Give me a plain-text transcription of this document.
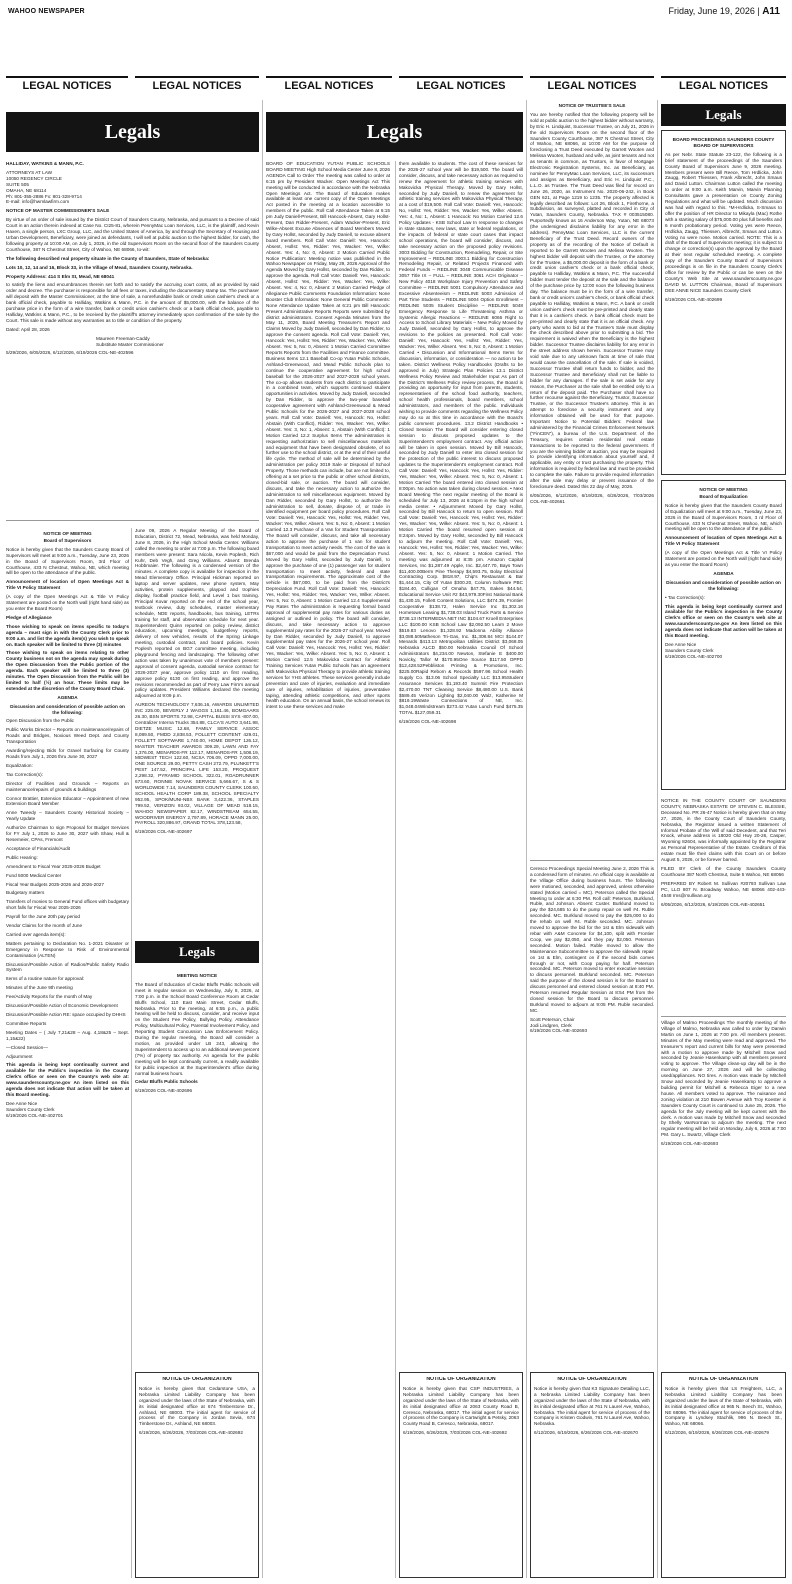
WAHOO NEWSPAPER	Friday, June 19, 2026 | A11
LEGAL NOTICES	LEGAL NOTICES	LEGAL NOTICES	LEGAL NOTICES	LEGAL NOTICES	LEGAL NOTICES
Legals	Legals
Legals
Legals

HALLIDAY, WATKINS & MANN, P.C.

ATTORNEYS AT LAW
10050 REGENCY CIRCLE
SUITE 505
OMAHA, NE 68114
Ph: 801-355-2886 Fx: 801-328-9714
E-mail: info@hwmlawfirm.com

NOTICE OF MASTER COMMISSIONER'S SALE

By virtue of an order of sale issued by the District Court of Saunders County, Nebraska, and pursuant to a Decree of said Court in an action therein indexed at Case No. CI25-81, wherein PennyMac Loan Services, LLC, is the plaintiff, and Kevin Haxen, a single person, LXC Group, LLC, and the United States of America, by and through the Secretary of Housing and Urban Development, Beneficiary, were joined as defendants, I will sell at public auction to the highest bidder, for cash, the following property at 10:00 AM, on July 1, 2026, in the old Supervisors Room on the second floor of the Saunders County Courthouse, 387 N Chestnut Street, City of Wahoo, NE 68066, to-wit:

The following described real property situate in the County of Saunders, State of Nebraska:

Lots 10, 12, 14 and 16, Block 33, in the Village of Mead, Saunders County, Nebraska.

Property Address: 414 S Elm St, Mead, NE 68041

to satisfy the liens and encumbrances therein set forth and to satisfy the accruing court costs, all as provided by said order and decree. The purchaser is responsible for all fees or taxes, including the documentary stamp tax. The purchaser will deposit with the Master Commissioner, at the time of sale, a nonrefundable bank or credit union cashier's check or a bank official check, payable to Halliday, Watkins & Mann, P.C. in the amount of $5,000.00, with the balance of the purchase price in the form of a wire transfer, bank or credit union cashier's check or a bank official check, payable to Halliday, Watkins & Mann, P.C., to be received by the plaintiff's attorney immediately upon confirmation of the sale by the Court. This sale is made without any warranties as to title or condition of the property.

Dated: April 28, 2026

Maureen Freeman-Caddy
Substitute Master Commissioner

5/29/2026, 6/05/2026, 6/12/2026, 6/19/2026 COL-NE-402596

NOTICE OF MEETING

Board of Supervisors

Notice is hereby given that the Saunders County Board of Supervisors will meet at 9:00 a.m., Tuesday, June 23, 2026 in the Board of Supervisors Room, 3rd Floor of Courthouse, 433 N Chestnut, Wahoo, NE, which meeting will be open to the attendance of the public.

Announcement of location of Open Meetings Act & Title VI Policy Statement

(A copy of the Open Meetings Act & Title VI Policy Statement are posted on the North wall (right hand side) as you enter the Board Room)

Pledge of Allegiance

Those wishing to speak on items specific to today's agenda – must sign in with the County Clerk prior to 9:00 a.m. and list the agenda item(s) you wish to speak on. Each speaker will be limited to three (3) minutes

Those wishing to speak on items relating to other County business not on the agenda may speak during the Open Discussion from the Public portion of the agenda. Each speaker will be limited to three (3) minutes. The Open Discussion from the Public will be limited to half (½) an hour. These limits may be extended at the discretion of the County Board Chair.

AGENDA

Discussion and consideration of possible action on the following:

Open Discussion from the Public

Public Works Director – Reports on maintenance/repairs of Roads and Bridges, Noxious Weed Dept. and County Transportation

Awarding/rejecting Bids for Gravel Surfacing for County Roads from July 1, 2026 thru June 30, 2027

Equalization:

Tax Correction(s):

Director of Facilities and Grounds – Reports on maintenance/repairs of grounds & buildings

Connor Brattier, Extension Educator – Appointment of new Extension Board Member

Anne Tweedy – Saunders County Historical Society – Yearly Update

Authorize Chairman to sign Proposal for Budget Services for FY July 1, 2026 to June 30, 2027 with Shaw, Hull & Nesemeier, CPAs, Fremont

Acceptance of Financials/Audit

Public Hearing:

Amendment to Fiscal Year 2025-2026 Budget

Fund 5000 Medical Center

Fiscal Year Budgets 2025-2026 and 2026-2027

Budgetary matters

Transfers of monies to General Fund offices with budgetary short falls for Fiscal Year 2025-2026

Payroll for the June 20th pay period

Vendor Claims for the month of June

Carried over agenda item(s):

Matters pertaining to Declaration No. 1-2021 Disaster or Emergency in Response to Risk of Environmental Contamination (ALTEN)

Discussion/Possible Action of Radios/Public Safety Radio System

Items of a routine nature for approval:

Minutes of the June 9th meeting

Fee/Activity Reports for the month of May

Discussion/Possible Action of Economic Development

Discussion/Possible Action RE: space occupied by DHHS

Committee Reports

Meeting Dates – ( July 7,21&28 – Aug. 4,18&25 – Sept. 1,15&22)

—Closed Session—

Adjournment

This agenda is being kept continually current and available for the Public's inspection in the County Clerk's office or seen on the County's web site at: www.saunderscounty.ne.gov An item listed on this agenda does not indicate that action will be taken at this Board meeting.

Dee Anne Nice
Saunders County Clerk
6/19/2026 COL-NE-402701

June 09, 2026 A Regular Meeting of the Board of Education, District 72, Mead, Nebraska, was held Monday, June 8, 2026, in the High School Media Center. Williams called the meeting to order at 7:00 p.m. The following board members were present: Sara Nicola, Kevin Poplesh, Rich Kuhr, Deb Vegh, and Greg Williams. Absent: Brenda Hobbmaier. The following is a condensed version of the minutes. A complete copy is available for inspection in the Mead Elementary Office. Principal Hickman reported on laptop and server updates, new phone system, May activities, protein supplements, playpod and trophies display, football practice field, and Level 1 bus training. Principal Kovar reported on the end of the school year, textbook review, duty schedules, master elementary schedule, NDE reports, handbooks, bus training, LETRs training for staff, and observation schedule for next year. Superintendent Quinn reported on policy review, district education, upcoming meetings, budget/levy reports, delivery of new vehicles, results of the Spring Linkage meeting, custodial contract, and board policies. Kevin Poplesh reported on BG7 committee meeting, including playground fencing and landscaping. The following other action was taken by unanimous vote of members present: approval of consent agenda, custodial service contract for 2026-2027 year, approve policy 1110 on first reading, approve policy 6130 on first reading, and approve the revisions recommended as part of Perry Law Firm's annual policy updates. President Williams declared the meeting adjourned at 9:09 p.m.

AUREON TECHNOLOGY 7,636.16, AWARDS UNLIMITED INC 225.00, BEVERLY J WAGGS 1,161.46, BOMGAARS 26.30, BSN SPORTS 72.98, CAPITAL BUSSI SYS -807.00, Centralizer Interna Trucks 354.88, CLCA'S AUTO 3,641.98, DIETZE MUSIC 12.68, FAMILY SERVICE ASSOC 8,089.50, FMDD 2,838.53, FOLLETT CONTENT 429.01, FOLLETT SOFTWARE 1,740.00, HOME DEPOT 126.12, MASTER TEACHER AWARDS 309.29, LAWN AND FAY 1,376.00, MENARDS-FR 112.17, MENARDS-FR 1,508.19, MIDWEST TECH 122.60, NCSA 706.09, OPPD 7,000.00, ONE SOURCE 29.00, PETTY CASH 272.79, PLUNKETT'S PEST 147.52, PRINCIPAL LIFE 153.20, PROQUEST 2,298.32, PYRAMID SCHOOL 322.01, ROADRUNNER 673.60, RONNIE NOVAK SERVICE 5,666.67, S & S WORLDWIDE 7.14, SAUNDERS COUNTY CLERK 100.60, SCHOOL HEALTH CORP 189.38, SCHOOL SPECIALTY 952.95, SPOK/MUNI-NBX BANK 3,422.36, STAPLES 799.52, VERIZON 93.02, VILLAGE OF MEAD 518.15, WAHOO NEWSPAPER 82.17, WINDSTREAM 654.55, WOODRIVER ENERGY 2,797.89, HORACE MANN 25.00, PAYROLL 320,886.97, GRAND TOTAL 378,123.58,

6/19/2026 COL-NE-402697

MEETING NOTICE

The Board of Education of Cedar Bluffs Public Schools will meet in regular session on Wednesday, July 8, 2026, at 7:00 p.m. in the School Board Conference Room at Cedar Bluffs School, 110 East Main Street, Cedar Bluffs, Nebraska. Prior to the meeting, at 6:55 p.m., a public hearing will be held to discuss, consider, and receive input on the Student Fee Policy, Bullying Policy, Attendance Policy, Multicultural Policy, Parental Involvement Policy, and Reporting Student Concussion Law Enforcement Policy. During the regular meeting, the Board will consider a motion, as provided under LB 243, allowing the Superintendent to access up to an additional seven percent (7%) of property tax authority. An agenda for the public meeting will be kept continually current, a readily available for public inspection at the Superintendent's office during normal business hours.

Cedar Bluffs Public Schools

6/19/2026 COL-NE-402696

BOARD OF EDUCATION YUTAN PUBLIC SCHOOLS BOARD MEETING High School Media Center June 8, 2026 AGENDA Call to Order The meeting was called to order at 6:15 pm by President Wacker. Open Meetings Act This meeting will be conducted in accordance with the Nebraska Open Meetings Act. The Board of Education makes available at least one current copy of the Open Meetings Act posted in the meeting at a location accessible to members of the public. Roll Call Attendance Taken at 6:15 pm Judy Daniell-Present, Bill Hancock-Absent, Gary Hollst-Present, Dan Ridder-Present, Adam Wacker-Present, Eric Wilke-Absent Excuse Absences of Board Members Moved by Gary Hollst, seconded by Judy Daniell, to excuse absent board members. Roll Call Vote: Daniell: Yes, Hancock: Absent, Hollst: Yes, Ridder: Yes, Wacker: Yes, Wilke: Absent. Yes: 4, No: 0, Absent: 2 Motion Carried Public Notice Publication: Meeting notice was published in the Wahoo Newspaper on Friday, May 29, 2026 Approval of the Agenda Moved by Gary Hollst, seconded by Dan Ridder, to approve the agenda. Roll Call Vote: Daniell: Yes, Hancock: Absent, Hollst: Yes, Ridder: Yes, Wacker: Yes, Wilke: Absent. Yes: 4, No: 0, Absent: 2 Motion Carried Pledge of Allegiance Public Comments Foundation Information: None Booster Club Information: None General Public Comments: None Attendance Update Taken at 6:21 pm Bill Hancock: Present Administrative Reports Reports were submitted by district administrators. Consent Agenda Minutes from the May 11, 2026, Board Meeting Treasurer's Report and Claims Moved by Judy Daniell, seconded by Dan Ridder, to approve the consent agenda. Roll Call Vote: Daniell: Yes, Hancock: Yes, Hollst: Yes, Ridder: Yes, Wacker: Yes, Wilke: Absent. Yes: 5, No: 0, Absent: 1 Motion Carried Committee Reports Reports from the Facilities and Finance committee. Business Items 12.1 Baseball Co-op Yutan Public Schools, Ashland-Greenwood, and Mead Public Schools plan to continue the cooperative agreement for high school baseball for the 2026-2027 and 2027-2028 school years. The co-op allows students from each district to participate in a combined team, which supports continued student opportunities in activities. Moved by Judy Daniell, seconded by Dan Ridder, to approve the two-year baseball cooperative agreement with Ashland-Greenwood & Mead Public Schools for the 2026-2027 and 2027-2028 school years. Roll Call Vote: Daniell: Yes, Hancock: No, Hollst: Abstain (With Conflict), Ridder: Yes, Wacker: Yes, Wilke: Absent. Yes: 3, No: 1, Absent: 1, Abstain (With Conflict): 1 Motion Carried 12.2 Surplus Items The administration is requesting authorization to sell miscellaneous materials and equipment that have been designated obsolete, of no further use to the school district, or at the end of their useful life cycle. The method of sale will be determined by the administration per policy 3019 Sale or Disposal of School Property. Those methods can include, but are not limited to, offering at a set price to the public or other school districts, closed-bid sale, or auction. The board will consider, discuss, and take the necessary action to authorize the administration to sell miscellaneous equipment. Moved by Dan Ridder, seconded by Gary Hollst, to authorize the administration to sell, donate, dispose of, or trade in identified equipment per board policy procedures. Roll Call Vote: Daniell: Yes, Hancock: Yes, Hollst: Yes, Ridder: Yes, Wacker: Yes, Wilke: Absent. Yes: 5, No: 0, Absent: 1 Motion Carried 12.3 Purchase of a Van for Student Transportation The Board will consider, discuss, and take all necessary action to approve the purchase of 1 van for student transportation to meet activity needs. The cost of the van is $67,000 and would be paid from the Depreciation Fund. Moved by Gary Hollst, seconded by Judy Daniell, to approve the purchase of one (1) passenger van for student transportation to meet activity, federal and state transportation requirements. The approximate cost of the vehicle is $67,000, to be paid from the District's Depreciation Fund. Roll Call Vote: Daniell: Yes, Hancock: Yes, Hollst: Yes, Ridder: Yes, Wacker: Yes, Wilke: Absent. Yes: 5, No: 0, Absent: 1 Motion Carried 12.4 Supplemental Pay Rates The administration is requesting formal board approval of supplemental pay rates for various duties as assigned or outlined in policy. The board will consider, discuss, and take necessary action to approve supplemental pay rates for the 2026-27 school year. Moved by Dan Ridder, seconded by Judy Daniell, to approve supplemental pay rates for the 2026-27 school year. Roll Call Vote: Daniell: Yes, Hancock: Yes, Hollst: Yes, Ridder: Yes, Wacker: Yes, Wilke: Absent. Yes: 5, No: 0, Absent: 1 Motion Carried 12.5 Makovicka Contract for Athletic Training Services Yutan Public Schools has an agreement with Makovicka Physical Therapy to provide athletic training services for YHS athletes. These services generally include prevention and care of injuries, evaluation and immediate care of injuries, rehabilitation of injuries, preventative taping, attending athletic competitions, and other sports health education. On an annual basis, the school renews its intent to use these services and make

them available to students. The cost of these services for the 2026-27 school year will be $19,500. The board will consider, discuss, and take necessary action as required to renew the agreement for athletic training services with Makovicka Physical Therapy. Moved by Gary Hollst, seconded by Judy Daniell, to renew the agreement for athletic training services with Makovicka Physical Therapy, at a cost of $19,500. Roll Call Vote: Daniell: Yes, Hancock: No, Hollst: Yes, Ridder: Yes, Wacker: Yes, Wilke: Absent. Yes: 4, No: 1, Absent: 1 Hancock: No Motion Carried 12.6 Policy Updates - KSB School Law In response to changes in state statutes, new laws, state or federal regulations, or the impacts of federal or state court cases that impact school operations, the board will consider, discuss, and take necessary action on the proposed policy revisions. 3003 Bidding for Construction, Remodeling, Repair, or Site Improvement – REDLINE 3003.1 Bidding for Construction Remodeling Repair, or Related Projects Financed with Federal Funds – REDLINE 3048 Communicable Disease 3057 Title IX – FULL – REDLINE 3061 ACH Originator – New Policy 4018 Workplace Injury Prevention and Safety Committee – REDLINE 5001 Compulsory Attendance and Excessive Absenteeism – REDLINE 5003 Admission of Part Time Students – REDLINE 5004 Option Enrollment – REDLINE 5035 Student Discipline – REDLINE 5048 Emergency Response to Life Threatening Asthma or Systemic Allergic Reactions – REDLINE 6066 Right to Access to School Library Materials – New Policy Moved by Judy Daniell, seconded by Gary Hollst, to approve the revisions to the policies as presented. Roll Call Vote: Daniell: Yes, Hancock: Yes, Hollst: Yes, Ridder: Yes, Wacker: Yes, Wilke: Absent. Yes: 5, No: 0, Absent: 1 Motion Carried • Discussion and Informational Items Items for discussion, information, or consideration — no action to be taken. District Wellness Policy Handbooks (Drafts to be approved in July) Strategic Plan Policies 13.1 District Wellness Policy Review and Stakeholder Input As part of the District's Wellness Policy review process, the Board is providing an opportunity for input from parents, students, representatives of the school food authority, teachers, school health professionals, board members, school administrators, and members of the public. Individuals wishing to provide comments regarding the Wellness Policy may do so at this time in accordance with the Board's public comment procedures. 13.2 District Handbooks • Closed Session The Board will consider entering closed session to discuss proposed updates to the Superintendent's employment contract. Any official action will be taken in open session. Moved by Bill Hancock, seconded by Judy Daniell to enter into closed session for the protection of the public interest to discuss proposed updates to the Superintendent's employment contract. Roll Call Vote: Daniell: Yes, Hancock: Yes, Hollst: Yes, Ridder: Yes, Wacker: Yes, Wilke: Absent. Yes: 5, No: 0, Absent: 1 Motion Carried The board entered into closed session at 8:00pm. No action was taken during closed session. • Next Board Meeting The next regular meeting of the Board is scheduled for July 13, 2026 at 6:15pm in the high school media center. • Adjournment Moved by Gary Hollst, seconded by Bill Hancock to return to open session. Roll Call Vote: Daniell: Yes, Hancock: Yes, Hollst: Yes, Ridder: Yes, Wacker: Yes, Wilke: Absent. Yes: 5, No: 0, Absent: 1 Motion Carried The board resumed open session at 8:24pm. Moved by Gary Hollst, seconded by Bill Hancock to adjourn the meeting. Roll Call Vote: Daniell: Yes, Hancock: Yes, Hollst: Yes, Ridder: Yes, Wacker: Yes, Wilke: Absent. Yes: 5, No: 0, Absent: 1 Motion Carried. The meeting was adjourned at 8:35 pm. Amazon Capital Services, Inc $1,287.49 Apple, Inc. $2,447.70, Bays Town $11,400.00Berm Pine Therapy $4,593.75, Bolay Electrical Contracting Corp. $818.97, Chip's Restaurant & Bar $1,444.15, City Of Yutan $300.20, Column Software PBC $184.40, Culligan Of Omaha $47.75, Eakes $44.54, Educational Service Unit #2 $43,979.30First National Bank $1,430.15, Follett Content Solutions, LLC $474.39, Frontier Cooperative $138.72, Halen Service Inc $1,302.16 Hometown Leasing $1,738.03 Island Truck Parts & Service $738.13 INTERMEDIA.NET INC $104.67 Kroell Enterprises LLC $100.00 KSB School Law $2,092.50 Learn 2 Move $519.83 Lenovo $1,328.92 Madonna Ability Alliance $3,088.50Matheson Tri-Gas, Inc. $1,308.84 MCI $144.07 Menards $413.13 Metropolitan Utilities District $3,068.05 Nebraska ALCD $50.00 Nebraska Council Of School Administrators $4,234.00 Newton, Stefanie E $400.00 Novicky, Tallor M $170.95One Source $117.50 OPPD $12,428.52Pebbliston Printing & Promotions, Inc. $225.00Rapid Reborn & Records $597.96 School Health Supply Co. $13.06 School Specialty LLC $13.95Student Assurance Services $1,193.40 Summit Fire Protection $2,470.00 TNT Cleaning Service $8,480.00 U.S. Bank $589.45 Verizon Lighting $2,040.00 Walz, Katherine M $819.19Waste Connections of NE, Inc. $1,048.04Windstream $273.42 Yutan Lunch Fund $475.35 TOTAL $127,059.31

6/19/2026 COL-NE-402698

NOTICE OF TRUSTEE'S SALE

You are hereby notified that the following property will be sold at public auction to the highest bidder without warranty, by Eric H. Lindquist, Successor Trustee, on July 21, 2026 in the old Supervisors Room on the second floor of the Saunders County Courthouse, 387 N Chestnut Street, City of Wahoo, NE 68066, at 10:00 AM for the purpose of foreclosing a Trust Deed executed by Garrett Wooten and Melissa Wooten, husband and wife, as joint tenants and not as tenants in common, as Trustors, in favor of Mortgage Electronic Registration Systems, Inc. as Beneficiary, as nominee for PennyMac Loan Services, LLC, its successors and assigns as Beneficiary, and Eric H. Lindquist P.C., L.L.O. as Trustee. The Trust Deed was filed for record on June 26, 2020, as Instrument No. 2020-06-242, in Book GEN 621, at Page 1219 to 1235. The property affected is legally described as follows: Lot 26, Block 1, Firethorne, a Subdivision, as surveyed, platted and recorded in City of Yutan, Saunders County, Nebraska. TAX # 003515080. Purportedly known as 16 Anderson Way, Yutan, NE 68073 (the undersigned disclaims liability for any error in the address). PennyMac Loan Services, LLC is the current Beneficiary of the Trust Deed. Record owners of the property as of the recording of the Notice of Default is reported to be Garrett Wooten and Melissa Wooten. The highest bidder will deposit with the Trustee, or the attorney for the Trustee, a $5,000.00 deposit in the form of a bank or credit union cashier's check or a bank official check, payable to Halliday, Watkins & Mann, P.C. The successful bidder must tender the deposit at the sale and the balance of the purchase price by 12:00 noon the following business day. The balance must be in the form of a wire transfer, bank or credit union's cashier's check, or bank official check payable to Halliday, Watkins & Mann, P.C. A bank or credit union cashier's check must be pre-printed and clearly state that it is a cashier's check. A bank official check must be pre-printed and clearly state that it is an official check. Any party who wants to bid at the Trustee's Sale must display the check described above prior to submitting a bid. The requirement is waived when the Beneficiary is the highest bidder. Successor Trustee disclaims liability for any error in the street address shown herein. Successor Trustee may void sale due to any unknown facts at time of sale that would cause the cancellation of the sale. If sale is voided, Successor Trustee shall return funds to bidder, and the Successor Trustee and Beneficiary shall not be liable to bidder for any damages. If the sale is set aside for any reason, the Purchaser at the sale shall be entitled only to a return of the deposit paid. The Purchaser shall have no further recourse against the Beneficiary, Trustor, Successor Trustee, or the Successor Trustee's attorney. This is an attempt to foreclose a security instrument and any information obtained will be used for that purpose. Important Notice to Potential Bidders: Federal law administered by the Financial Crimes Enforcement Network ("FinCEN"), a bureau of the U.S. Department of the Treasury, requires certain residential real estate transactions to be reported to the federal government. If you are the winning bidder at auction, you may be required to provide identifying information about yourself and, if applicable, any entity or trust purchasing the property. This information is required by federal law and must be provided to complete the sale. Failure to provide required information after the sale may delay or prevent issuance of the foreclosure deed. Dated this 22 day of May, 2026.

6/05/2026, 6/12/2026, 6/19/2026, 6/26/2026, 7/03/2026 COL-NE-402661

Ceresco Proceedings Special Meeting June 2, 2026 This is a condensed form of minutes. An official copy is available at the Village Office during business hours. The following were motioned, seconded, and approved, unless otherwise stated (Motion carried = MC). Peterson called the Special Meeting to order at 6:30 PM. Roll call: Peterson, Burklund, Ruble, and Johnson. Absent: Custer. Burklund moved to pay the $24,685 to do the pump repair on well #4. Ruble seconded. MC. Burklund moved to pay the $25,000 to do the rehab on well #4. Ruble seconded. MC. Johnson moved to approve the bid for the 1st & Elm sidewalk with rebar with A&M Concrete for $4,100, split with Frontier Coop, we pay $2,050, and they pay $2,050. Peterson seconded. Motion failed. Ruble moved to allow the Maintenance Subcommittee to approve the sidewalk repair on 1st & Elm, contingent on if the second bids comes through or not, with Coop paying for half. Peterson seconded. MC. Peterson moved to enter executive session to discuss personnel. Burklund seconded. MC. Peterson said the purpose of the closed session is for the Board to discuss personnel and entered closed session at 8:40 PM. Peterson resumed Regular Session at 8:54 PM from the closed session for the Board to discuss personnel. Burklund moved to adjourn at 9:05 PM. Ruble seconded. MC.

Scott Peterson, Chair
Jodi Lindgren, Clerk
6/19/2026 COL-NE-402693

BOARD PROCEEDINGS SAUNDERS COUNTY BOARD OF SUPERVISORS

As per Nebr. State Statute 23-122, the following is a brief statement of the proceedings of the Saunders County Board of Supervisors June 9, 2026 meeting. Members present were Bill Reece, Tom Hrdlicka, John Zaugg, Robert Thiessen, Frank Albrecht, John Smaus and David Lutton. Chairman Lutton called the meeting to order at 9:00 a.m. Keith Marvin, Marvin Planning Consultants gave a presentation on County Zoning Regulations and what will be updated. Much discussion was had with regard to this. *M-Hrdlicka, S-Smaus to offer the position of HR Director to Mikayla (Mac) Rothe with a starting salary of $75,000.00 plus full benefits and 6 month probationary period. Voting yes were Reece, Hrdlicka, Zaugg, Thiessen, Albrecht, Smaus and Lutton. Voting no were none. Motion carried. NOTE: This is a draft of the Board of Supervisors meeting; it is subject to change or correction(s) upon the approval by the Board at their next regular scheduled meeting. A complete copy of the Saunders County Board of Supervisors proceedings is on file in the Saunders County Clerk's office for review by the Public or can be seen on the County's Web Site at www.saunderscounty.ne.gov DAVID M. LUTTON Chairman, Board of Supervisors DEE ANNE NICE Saunders County Clerk

6/19/2026 COL-NE-402699

NOTICE OF MEETING

Board of Equalization

Notice is hereby given that the Saunders County Board of Equalization will meet at 9:00 a.m., Tuesday, June 23, 2026 in the Board of Supervisors Room, 3 rd Floor of Courthouse, 433 N Chestnut Street, Wahoo, NE, which meeting will be open to the attendance of the public.

Announcement of location of Open Meetings Act & Title VI Policy Statement

(A copy of the Open Meetings Act & Title VI Policy Statement are posted on the North wall (right hand side) as you enter the Board Room)

AGENDA

Discussion and consideration of possible action on the following:

• Tax Correction(s):

This agenda is being kept continually current and available for the Public's inspection in the County Clerk's office or seen on the County's web site at www.saunderscounty.ne.gov An item listed on this agenda does not indicate that action will be taken at this Board meeting.

Dee Anne Nice
Saunders County Clerk
6/19/2026 COL-NE-402700

NOTICE IN THE COUNTY COURT OF SAUNDERS COUNTY, NEBRASKA ESTATE OF STEVEN C. BLESSIE, Deceased No. PR 26-47 Notice is hereby given that on May 27, 2026, in the County Court of Saunders County, Nebraska, the Registrar issued a written Statement of Informal Probate of the Will of said Decedent, and that Teri Knock, whose address is 18020 Old Hwy 20-26, Casper, Wyoming 82604, was informally appointed by the Registrar as Personal Representative of the Estate. Creditors of this estate must file their claims with this Court on or before August 5, 2026, or be forever barred.

FILED BY Clerk of the County Saunders County Courthouse 387 North Chestnut, Suite 5 Wahoo, NE 68066

PREPARED BY Robert M. Sullivan #20793 Sullivan Law PC, LLO 807 N. Broadway Wahoo, NE 68066 402-443-4548 rms@rsullivan.org

6/05/2026, 6/12/2026, 6/19/2026 COL-NE-402651

Village of Malmo Proceedings The monthly meeting of the Village of Malmo, Nebraska was called to order by Darwin Martin on June 1, 2026 at 7:00 pm. All members present. Minutes of the May meeting were read and approved. The treasurer's report and current bills for May were presented with a motion to approve made by Mitchell Snow and seconded by Jeanie Hasenkamp with all members present voting to approve. The Village clean-up day will be in the morning on June 27, 2026 and will be collecting used/appliances. NO tires. A motion was made by Mitchell Snow and seconded by Jeanie Hasenkamp to approve a building permit for Mitchell & Rebecca Eiger to a new house. All members voted to approve. The nuisance and zoning violation at 210 Bowen Avenue with Troy Koester is Saunders County Court is continued to June 25, 2026. The agenda for the July meeting will be kept current with the clerk. A motion was made by Mitchell Snow and seconded by Shelly VanNorman to adjourn the meeting. The next regular meeting will be held on Monday, July 6, 2026 at 7:00 PM. Gary L. Swartz, Village Clerk

6/19/2026 COL-NE-402693

NOTICE OF ORGANIZATION

Notice is hereby given that Cedarstone USA, a Nebraska Limited Liability Company has been organized under the laws of the State of Nebraska, with its initial designated office at 674 Timberstone Dr., Ashland, NE 68003. The initial agent for service of process of the Company is Jordan Sevia, 674 Timberstone Dr., Ashland, NE 68003.

6/19/2026, 6/26/2026, 7/03/2026 COL-NE-402692

NOTICE OF ORGANIZATION

Notice is hereby given that CSP INDUSTRIES, a Nebraska Limited Liability Company has been organized under the laws of the State of Nebraska, with its initial designated office at 2063 County Road B, Ceresco, Nebraska, 68017. The initial agent for service of process of the Company is Cartwright & Petsky, 2063 County Road B, Ceresco, Nebraska, 68017.

6/19/2026, 6/26/2026, 7/03/2026 COL-NE-402692

NOTICE OF ORGANIZATION

Notice is hereby given that K3 Signature Detailing LLC, a Nebraska Limited Liability Company has been organized under the laws of the State of Nebraska, with its initial designated office at 761 N Laurel Ave, Wahoo, Nebraska. The initial agent for service of process of the Company is Kristen Godwin, 761 N Laurel Ave, Wahoo, Nebraska.

6/12/2026, 6/19/2026, 6/26/2026 COL-NE-402670

NOTICE OF ORGANIZATION

Notice is hereby given that LS Freighters, LLC, a Nebraska Limited Liability Company has been organized under the laws of the State of Nebraska, with its initial designated office at 965 N. Beech St., Wahoo, NE 68066. The initial agent for service of process of the Company is Lyndsey Stachlik, 996 N. Beech St., Wahoo, NE 68066.

6/12/2026, 6/19/2026, 6/26/2026 COL-NE-402679
